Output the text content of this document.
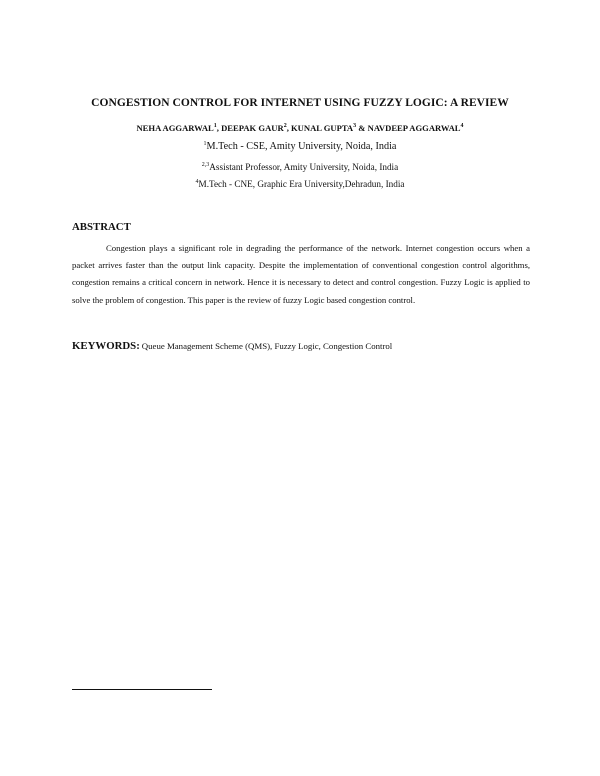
CONGESTION CONTROL FOR INTERNET USING FUZZY LOGIC: A REVIEW
NEHA AGGARWAL$^1$, DEEPAK GAUR$^2$, KUNAL GUPTA$^3$ & NAVDEEP AGGARWAL$^4$
$^1$M.Tech - CSE, Amity University, Noida, India
$^{2,3}$Assistant Professor, Amity University, Noida, India
$^4$M.Tech - CNE, Graphic Era University,Dehradun, India
ABSTRACT
Congestion plays a significant role in degrading the performance of the network. Internet congestion occurs when a packet arrives faster than the output link capacity. Despite the implementation of conventional congestion control algorithms, congestion remains a critical concern in network. Hence it is necessary to detect and control congestion. Fuzzy Logic is applied to solve the problem of congestion. This paper is the review of fuzzy Logic based congestion control.
KEYWORDS: Queue Management Scheme (QMS), Fuzzy Logic, Congestion Control
